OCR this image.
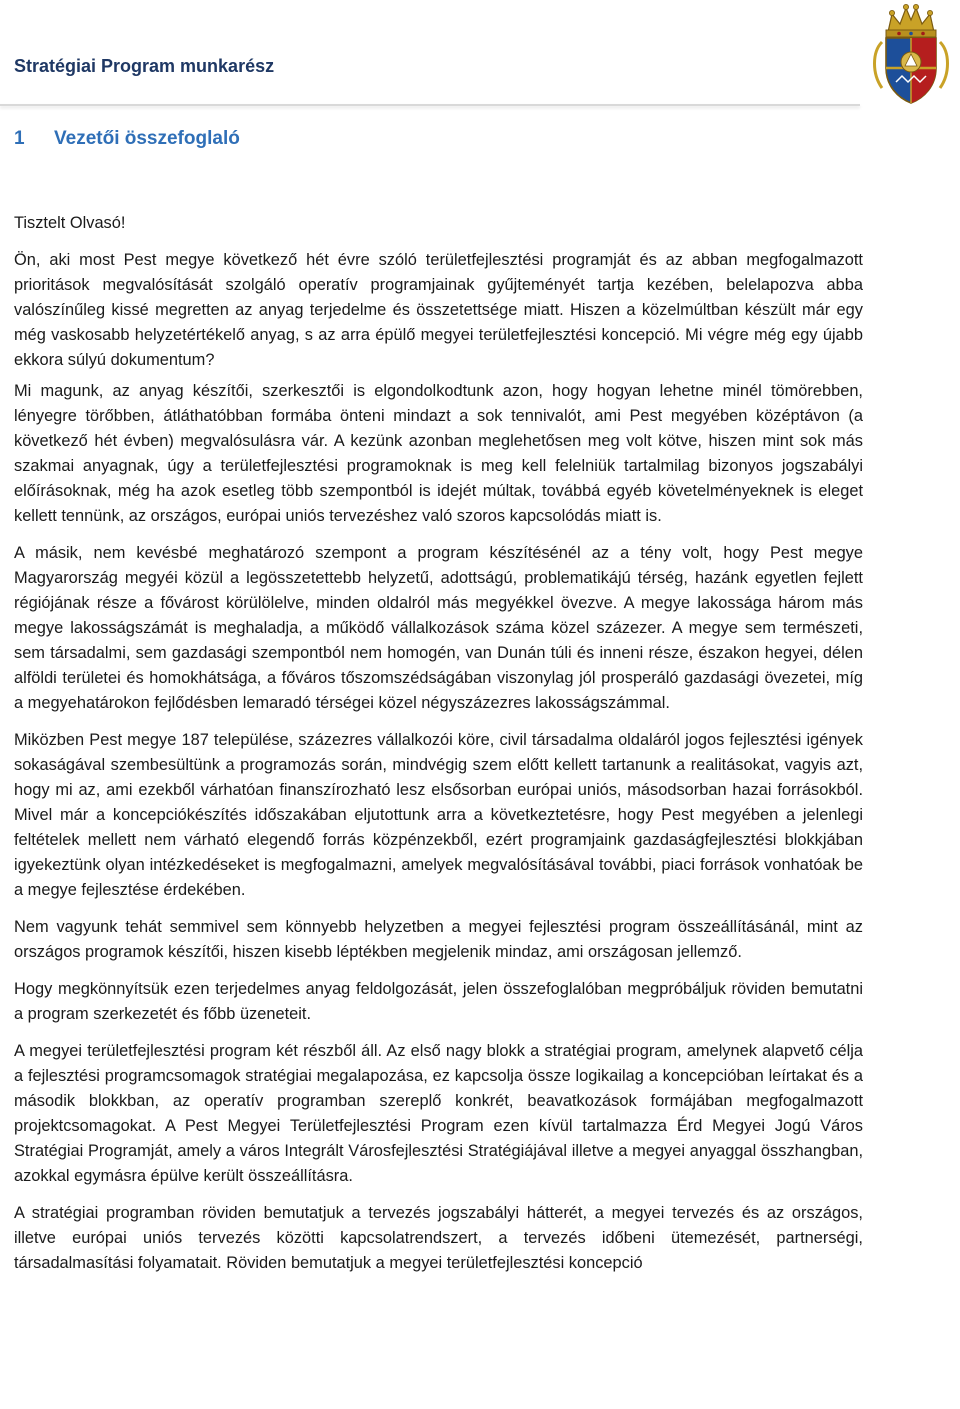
Stratégiai Program munkarész
1 Vezetői összefoglaló

Tisztelt Olvasó!

Ön, aki most Pest megye következő hét évre szóló területfejlesztési programját és az abban megfogalmazott prioritások megvalósítását szolgáló operatív programjainak gyűjteményét tartja kezében, belelapozva abba valószínűleg kissé megretten az anyag terjedelme és összetettsége miatt. Hiszen a közelmúltban készült már egy még vaskosabb helyzetértékelő anyag, s az arra épülő megyei területfejlesztési koncepció. Mi végre még egy újabb ekkora súlyú dokumentum?

Mi magunk, az anyag készítői, szerkesztői is elgondolkodtunk azon, hogy hogyan lehetne minél tömörebben, lényegre törőbben, átláthatóbban formába önteni mindazt a sok tennivalót, ami Pest megyében középtávon (a következő hét évben) megvalósulásra vár. A kezünk azonban meglehetősen meg volt kötve, hiszen mint sok más szakmai anyagnak, úgy a területfejlesztési programoknak is meg kell felelniük tartalmilag bizonyos jogszabályi előírásoknak, még ha azok esetleg több szempontból is idejét múltak, továbbá egyéb követelményeknek is eleget kellett tennünk, az országos, európai uniós tervezéshez való szoros kapcsolódás miatt is.

A másik, nem kevésbé meghatározó szempont a program készítésénél az a tény volt, hogy Pest megye Magyarország megyéi közül a legösszetettebb helyzetű, adottságú, problematikájú térség, hazánk egyetlen fejlett régiójának része a fővárost körülölelve, minden oldalról más megyékkel övezve. A megye lakossága három más megye lakosságszámát is meghaladja, a működő vállalkozások száma közel százezer. A megye sem természeti, sem társadalmi, sem gazdasági szempontból nem homogén, van Dunán túli és inneni része, északon hegyei, délen alföldi területei és homokhátsága, a főváros tőszomszédságában viszonylag jól prosperáló gazdasági övezetei, míg a megyehatárokon fejlődésben lemaradó térségei közel négyszázezres lakosságszámmal.

Miközben Pest megye 187 települése, százezres vállalkozói köre, civil társadalma oldaláról jogos fejlesztési igények sokaságával szembesültünk a programozás során, mindvégig szem előtt kellett tartanunk a realitásokat, vagyis azt, hogy mi az, ami ezekből várhatóan finanszírozható lesz elsősorban európai uniós, másodsorban hazai forrásokból. Mivel már a koncepciókészítés időszakában eljutottunk arra a következtetésre, hogy Pest megyében a jelenlegi feltételek mellett nem várható elegendő forrás közpénzekből, ezért programjaink gazdaságfejlesztési blokkjában igyekeztünk olyan intézkedéseket is megfogalmazni, amelyek megvalósításával további, piaci források vonhatóak be a megye fejlesztése érdekében.

Nem vagyunk tehát semmivel sem könnyebb helyzetben a megyei fejlesztési program összeállításánál, mint az országos programok készítői, hiszen kisebb léptékben megjelenik mindaz, ami országosan jellemző.

Hogy megkönnyítsük ezen terjedelmes anyag feldolgozását, jelen összefoglalóban megpróbáljuk röviden bemutatni a program szerkezetét és főbb üzeneteit.

A megyei területfejlesztési program két részből áll. Az első nagy blokk a stratégiai program, amelynek alapvető célja a fejlesztési programcsomagok stratégiai megalapozása, ez kapcsolja össze logikailag a koncepcióban leírtakat és a második blokkban, az operatív programban szereplő konkrét, beavatkozások formájában megfogalmazott projektcsomagokat. A Pest Megyei Területfejlesztési Program ezen kívül tartalmazza Érd Megyei Jogú Város Stratégiai Programját, amely a város Integrált Városfejlesztési Stratégiájával illetve a megyei anyaggal összhangban, azokkal egymásra épülve került összeállításra.

A stratégiai programban röviden bemutatjuk a tervezés jogszabályi hátterét, a megyei tervezés és az országos, illetve európai uniós tervezés közötti kapcsolatrendszert, a tervezés időbeni ütemezését, partnerségi, társadalmasítási folyamatait. Röviden bemutatjuk a megyei területfejlesztési koncepció
